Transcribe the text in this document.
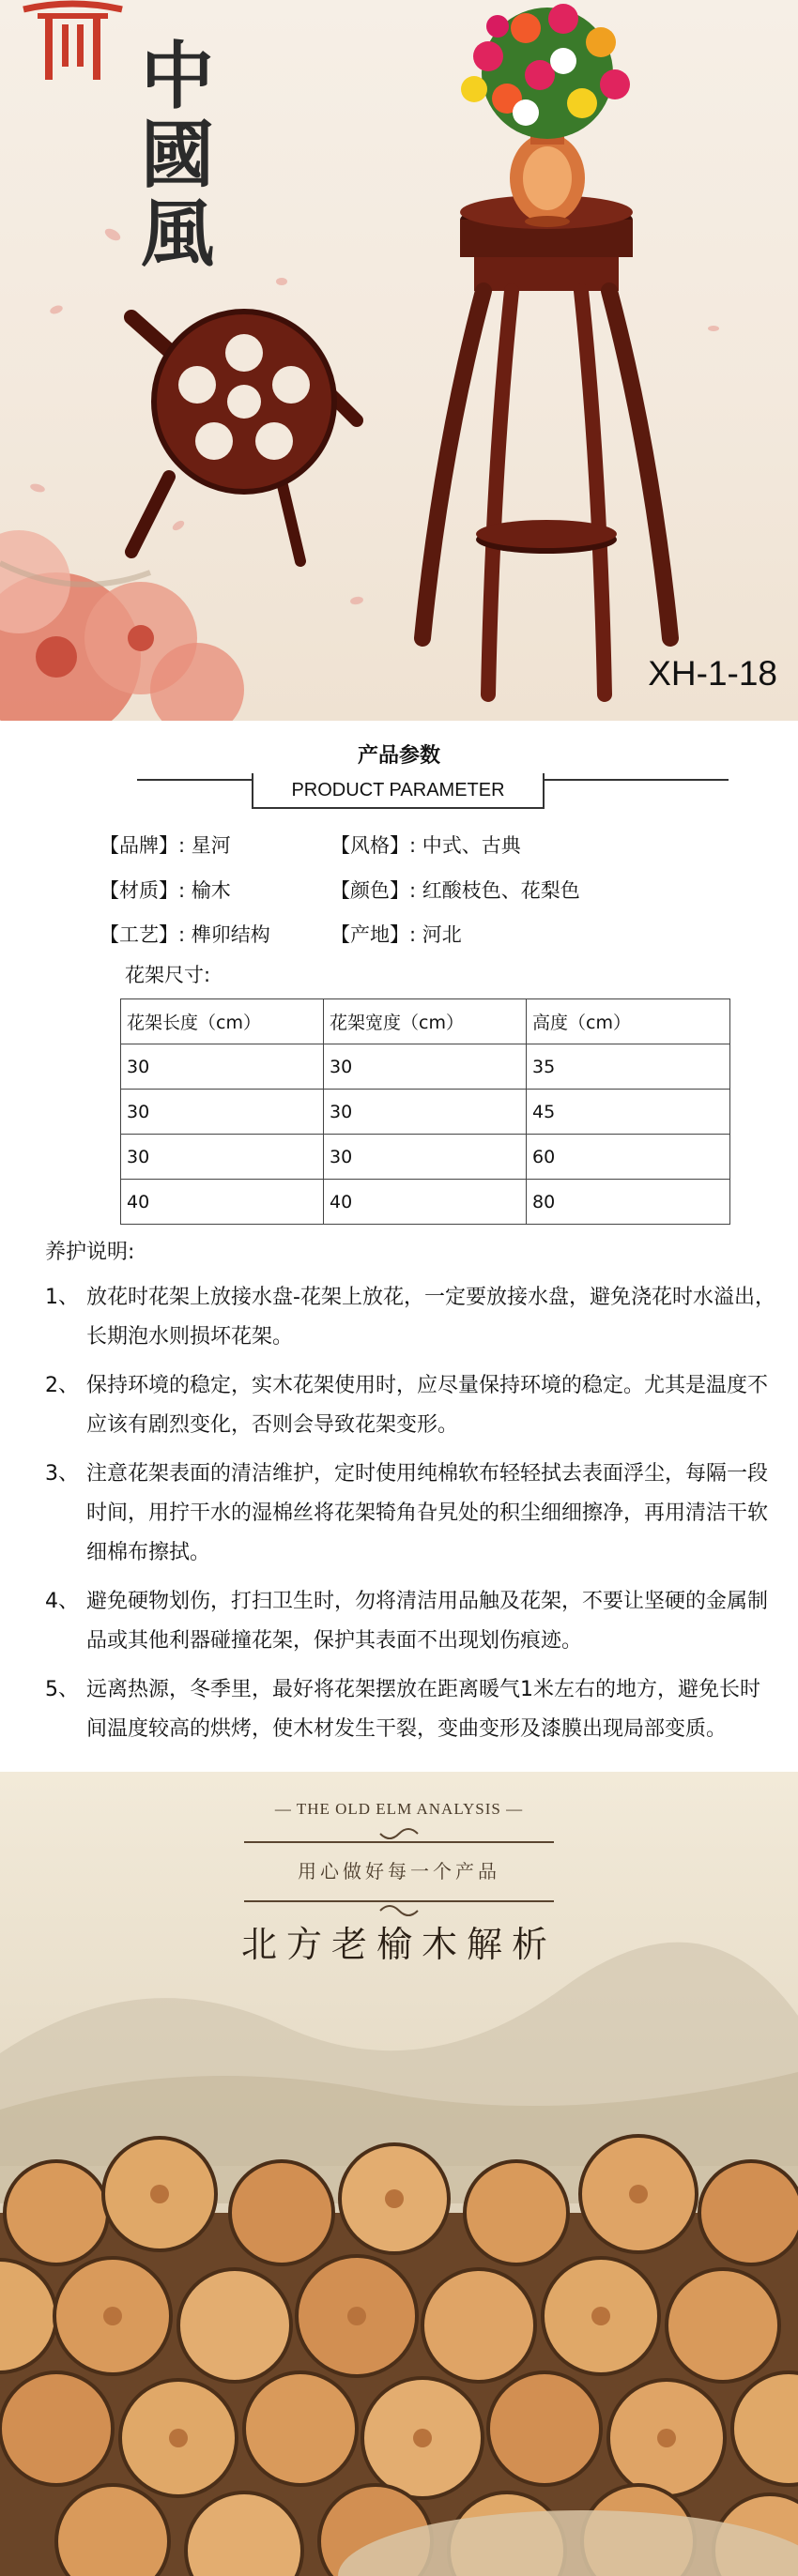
中
國
風
XH-1-18
产品参数
PRODUCT PARAMETER
【品牌】: 星河	【风格】: 中式、古典
【材质】: 榆木	【颜色】: 红酸枝色、花梨色
【工艺】: 榫卯结构	【产地】: 河北
花架尺寸:
花架长度（cm）	花架宽度（cm）	高度（cm）
30	30	35
30	30	45
30	30	60
40	40	80
养护说明:
1、 放花时花架上放接水盘-花架上放花，一定要放接水盘，避免浇花时水溢出，长期泡水则损坏花架。
2、 保持环境的稳定，实木花架使用时，应尽量保持环境的稳定。尤其是温度不应该有剧烈变化，否则会导致花架变形。
3、 注意花架表面的清洁维护，定时使用纯棉软布轻轻拭去表面浮尘，每隔一段时间，用拧干水的湿棉丝将花架犄角旮旯处的积尘细细擦净，再用清洁干软细棉布擦拭。
4、 避免硬物划伤，打扫卫生时，勿将清洁用品触及花架，不要让坚硬的金属制品或其他利器碰撞花架，保护其表面不出现划伤痕迹。
5、 远离热源，冬季里，最好将花架摆放在距离暖气1米左右的地方，避免长时间温度较高的烘烤，使木材发生干裂，变曲变形及漆膜出现局部变质。
— THE OLD ELM ANALYSIS —
用心做好每一个产品
北方老榆木解析
